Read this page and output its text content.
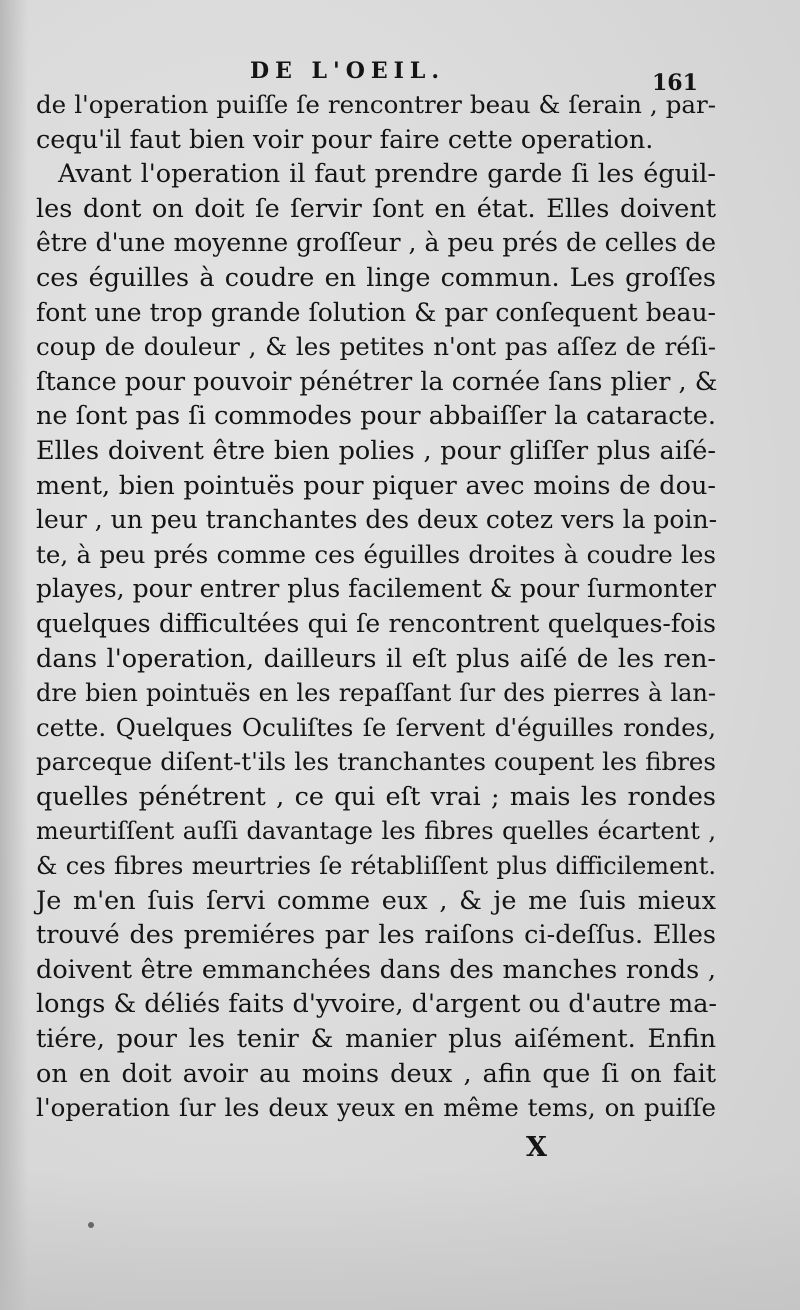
DE L'OEIL.	161
de l'operation puiſſe ſe rencontrer beau & ſerain , par-
cequ'il faut bien voir pour faire cette operation.
Avant l'operation il faut prendre garde ſi les éguil-
les dont on doit ſe ſervir ſont en état. Elles doivent
être d'une moyenne groſſeur , à peu prés de celles de
ces éguilles à coudre en linge commun. Les groſſes
font une trop grande ſolution & par conſequent beau-
coup de douleur , & les petites n'ont pas aſſez de réſi-
ſtance pour pouvoir pénétrer la cornée ſans plier , &
ne ſont pas ſi commodes pour abbaiſſer la cataracte.
Elles doivent être bien polies , pour gliſſer plus aiſé-
ment, bien pointuës pour piquer avec moins de dou-
leur , un peu tranchantes des deux cotez vers la poin-
te, à peu prés comme ces éguilles droites à coudre les
playes, pour entrer plus facilement & pour ſurmonter
quelques difficultées qui ſe rencontrent quelques-fois
dans l'operation, dailleurs il eſt plus aiſé de les ren-
dre bien pointuës en les repaſſant ſur des pierres à lan-
cette. Quelques Oculiſtes ſe ſervent d'éguilles rondes,
parceque diſent-t'ils les tranchantes coupent les fibres
quelles pénétrent , ce qui eſt vrai ; mais les rondes
meurtiſſent auſſi davantage les fibres quelles écartent ,
& ces fibres meurtries ſe rétabliſſent plus difficilement.
Je m'en ſuis ſervi comme eux , & je me ſuis mieux
trouvé des premiéres par les raiſons ci-deſſus. Elles
doivent être emmanchées dans des manches ronds ,
longs & déliés faits d'yvoire, d'argent ou d'autre ma-
tiére, pour les tenir & manier plus aiſément. Enfin
on en doit avoir au moins deux , afin que ſi on fait
l'operation ſur les deux yeux en même tems, on puiſſe
X
